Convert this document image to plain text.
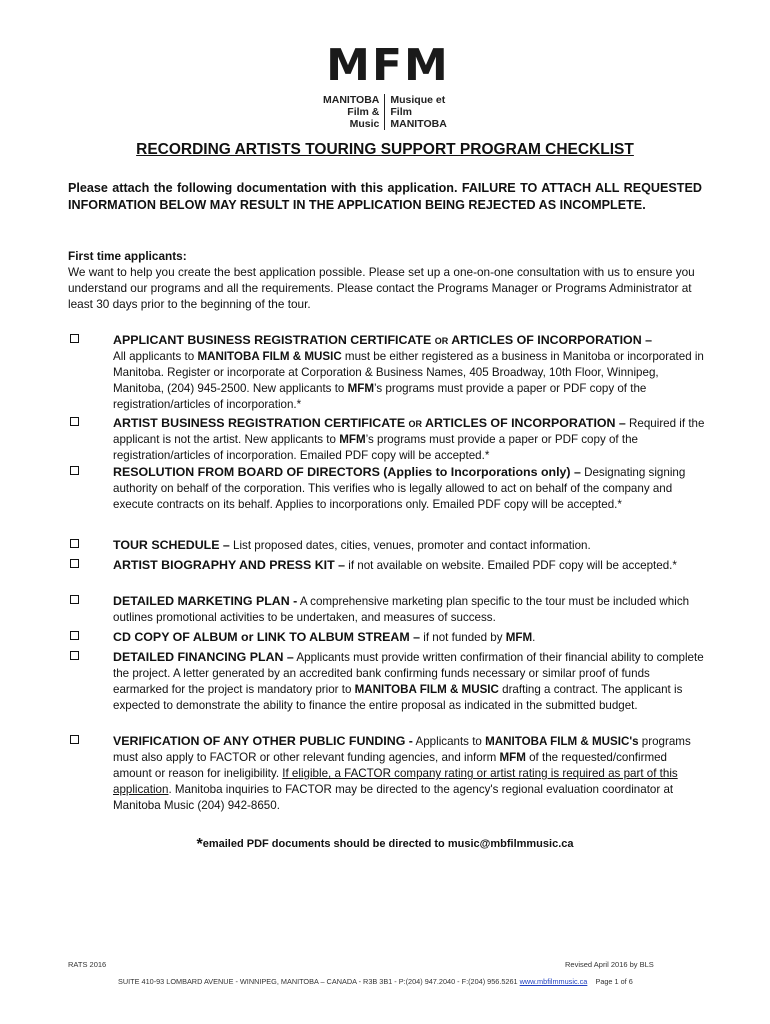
MFM
MANITOBA
Film & Music
Musique et Film
MANITOBA
RECORDING ARTISTS TOURING SUPPORT PROGRAM CHECKLIST
Please attach the following documentation with this application. FAILURE TO ATTACH ALL REQUESTED INFORMATION BELOW MAY RESULT IN THE APPLICATION BEING REJECTED AS INCOMPLETE.
First time applicants:
We want to help you create the best application possible. Please set up a one-on-one consultation with us to ensure you understand our programs and all the requirements. Please contact the Programs Manager or Programs Administrator at least 30 days prior to the beginning of the tour.
APPLICANT BUSINESS REGISTRATION CERTIFICATE OR ARTICLES OF INCORPORATION –
All applicants to MANITOBA FILM & MUSIC must be either registered as a business in Manitoba or incorporated in Manitoba. Register or incorporate at Corporation & Business Names, 405 Broadway, 10th Floor, Winnipeg, Manitoba, (204) 945-2500. New applicants to MFM’s programs must provide a paper or PDF copy of the registration/articles of incorporation.*
ARTIST BUSINESS REGISTRATION CERTIFICATE OR ARTICLES OF INCORPORATION – Required if the applicant is not the artist. New applicants to MFM’s programs must provide a paper or PDF copy of the registration/articles of incorporation. Emailed PDF copy will be accepted.*
RESOLUTION FROM BOARD OF DIRECTORS (Applies to Incorporations only) – Designating signing authority on behalf of the corporation. This verifies who is legally allowed to act on behalf of the company and execute contracts on its behalf. Applies to incorporations only. Emailed PDF copy will be accepted.*
TOUR SCHEDULE – List proposed dates, cities, venues, promoter and contact information.
ARTIST BIOGRAPHY AND PRESS KIT – if not available on website. Emailed PDF copy will be accepted.*
DETAILED MARKETING PLAN - A comprehensive marketing plan specific to the tour must be included which outlines promotional activities to be undertaken, and measures of success.
CD COPY OF ALBUM or LINK TO ALBUM STREAM – if not funded by MFM.
DETAILED FINANCING PLAN – Applicants must provide written confirmation of their financial ability to complete the project. A letter generated by an accredited bank confirming funds necessary or similar proof of funds earmarked for the project is mandatory prior to MANITOBA FILM & MUSIC drafting a contract. The applicant is expected to demonstrate the ability to finance the entire proposal as indicated in the submitted budget.
VERIFICATION OF ANY OTHER PUBLIC FUNDING - Applicants to MANITOBA FILM & MUSIC's programs must also apply to FACTOR or other relevant funding agencies, and inform MFM of the requested/confirmed amount or reason for ineligibility. If eligible, a FACTOR company rating or artist rating is required as part of this application. Manitoba inquiries to FACTOR may be directed to the agency's regional evaluation coordinator at Manitoba Music (204) 942-8650.
*emailed PDF documents should be directed to music@mbfilmmusic.ca
RATS 2016	Revised April 2016 by BLS
SUITE 410-93 LOMBARD AVENUE - WINNIPEG, MANITOBA – CANADA - R3B 3B1 - P:(204) 947.2040 - F:(204) 956.5261 www.mbfilmmusic.ca Page 1 of 6
